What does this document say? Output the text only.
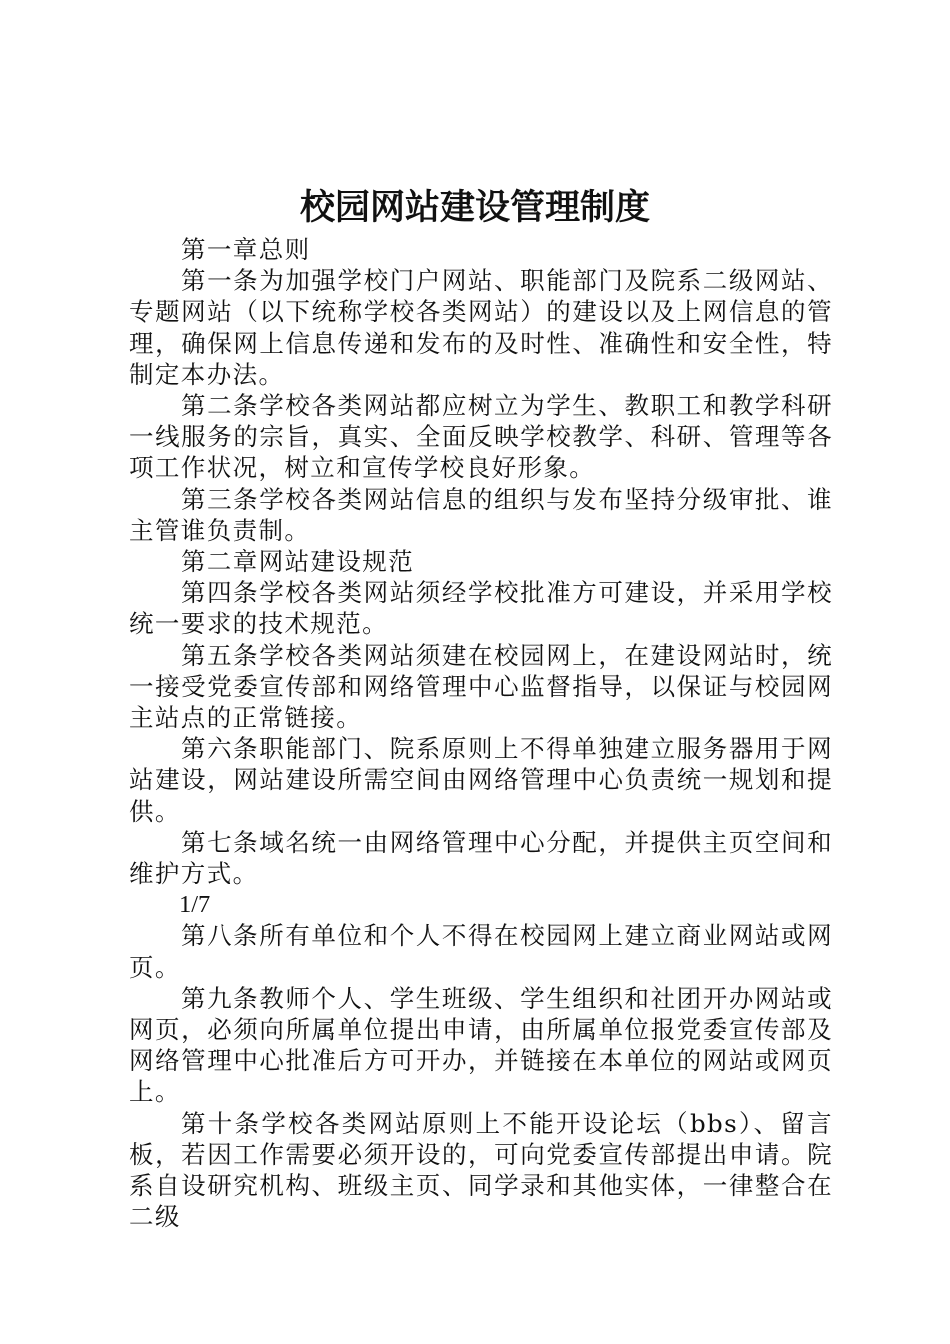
校园网站建设管理制度

第一章总则

第一条为加强学校门户网站、职能部门及院系二级网站、专题网站（以下统称学校各类网站）的建设以及上网信息的管理，确保网上信息传递和发布的及时性、准确性和安全性，特制定本办法。

第二条学校各类网站都应树立为学生、教职工和教学科研一线服务的宗旨，真实、全面反映学校教学、科研、管理等各项工作状况，树立和宣传学校良好形象。

第三条学校各类网站信息的组织与发布坚持分级审批、谁主管谁负责制。

第二章网站建设规范

第四条学校各类网站须经学校批准方可建设，并采用学校统一要求的技术规范。

第五条学校各类网站须建在校园网上，在建设网站时，统一接受党委宣传部和网络管理中心监督指导，以保证与校园网主站点的正常链接。

第六条职能部门、院系原则上不得单独建立服务器用于网站建设，网站建设所需空间由网络管理中心负责统一规划和提供。

第七条域名统一由网络管理中心分配，并提供主页空间和维护方式。

1/7

第八条所有单位和个人不得在校园网上建立商业网站或网页。

第九条教师个人、学生班级、学生组织和社团开办网站或网页，必须向所属单位提出申请，由所属单位报党委宣传部及网络管理中心批准后方可开办，并链接在本单位的网站或网页上。

第十条学校各类网站原则上不能开设论坛（bbs）、留言板，若因工作需要必须开设的，可向党委宣传部提出申请。院系自设研究机构、班级主页、同学录和其他实体，一律整合在二级
